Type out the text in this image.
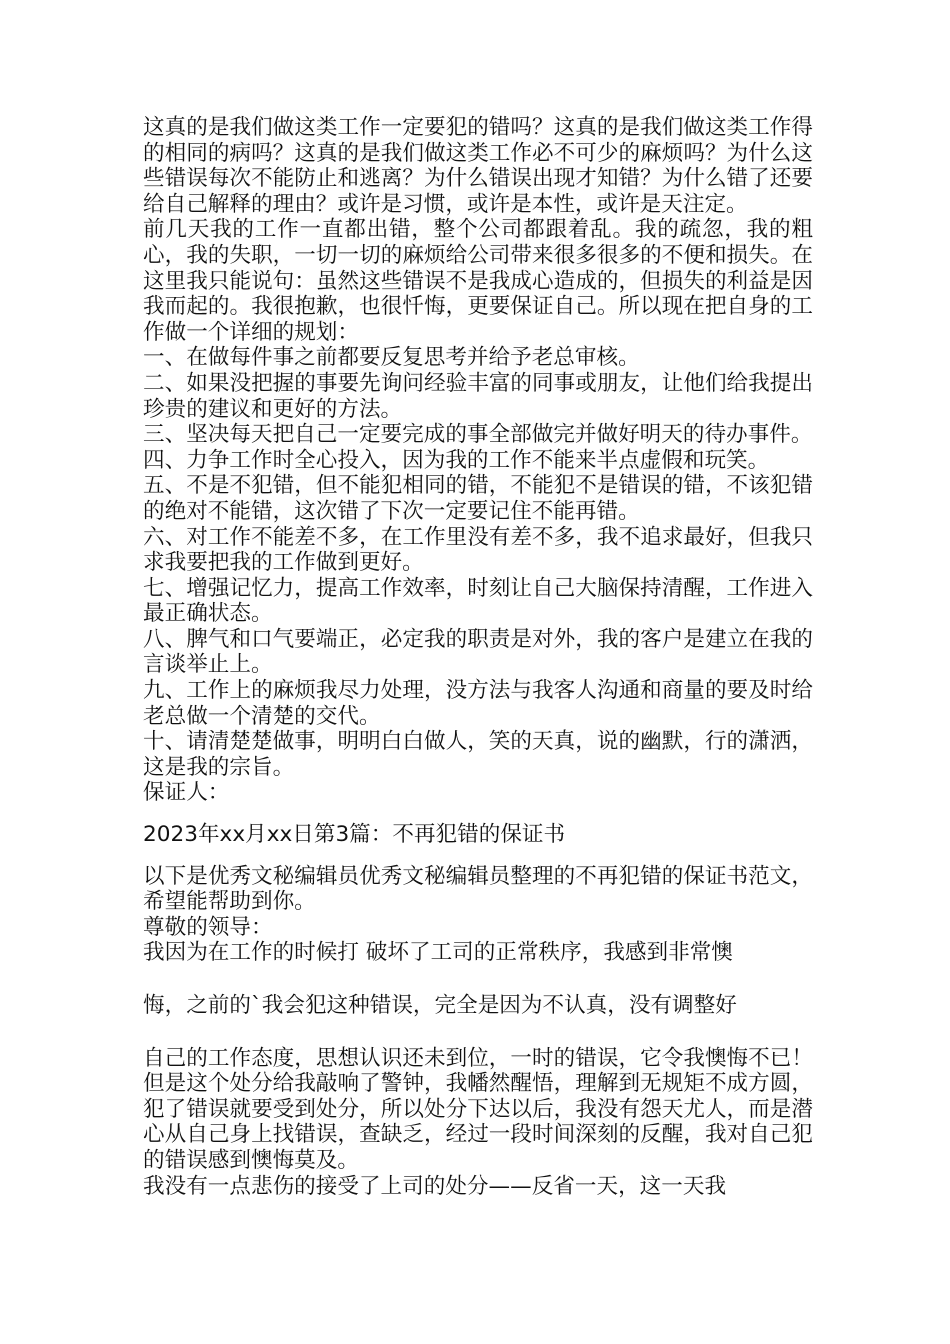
这真的是我们做这类工作一定要犯的错吗？这真的是我们做这类工作得的相同的病吗？这真的是我们做这类工作必不可少的麻烦吗？为什么这些错误每次不能防止和逃离？为什么错误出现才知错？为什么错了还要给自己解释的理由？或许是习惯，或许是本性，或许是天注定。

前几天我的工作一直都出错，整个公司都跟着乱。我的疏忽，我的粗心，我的失职，一切一切的麻烦给公司带来很多很多的不便和损失。在这里我只能说句：虽然这些错误不是我成心造成的，但损失的利益是因我而起的。我很抱歉，也很忏悔，更要保证自己。所以现在把自身的工作做一个详细的规划：

一、在做每件事之前都要反复思考并给予老总审核。

二、如果没把握的事要先询问经验丰富的同事或朋友，让他们给我提出珍贵的建议和更好的方法。

三、坚决每天把自己一定要完成的事全部做完并做好明天的待办事件。

四、力争工作时全心投入，因为我的工作不能来半点虚假和玩笑。

五、不是不犯错，但不能犯相同的错，不能犯不是错误的错，不该犯错的绝对不能错，这次错了下次一定要记住不能再错。

六、对工作不能差不多，在工作里没有差不多，我不追求最好，但我只求我要把我的工作做到更好。

七、增强记忆力，提高工作效率，时刻让自己大脑保持清醒，工作进入最正确状态。

八、脾气和口气要端正，必定我的职责是对外，我的客户是建立在我的言谈举止上。

九、工作上的麻烦我尽力处理，没方法与我客人沟通和商量的要及时给老总做一个清楚的交代。

十、请清楚楚做事，明明白白做人，笑的天真，说的幽默，行的潇洒，这是我的宗旨。

保证人：

2023年xx月xx日第3篇：不再犯错的保证书

以下是优秀文秘编辑员优秀文秘编辑员整理的不再犯错的保证书范文，希望能帮助到你。

尊敬的领导：

我因为在工作的时候打 破坏了工司的正常秩序，我感到非常懊

悔，之前的`我会犯这种错误，完全是因为不认真，没有调整好

自己的工作态度，思想认识还未到位，一时的错误，它令我懊悔不已！但是这个处分给我敲响了警钟，我幡然醒悟，理解到无规矩不成方圆，犯了错误就要受到处分，所以处分下达以后，我没有怨天尤人，而是潜心从自己身上找错误，查缺乏，经过一段时间深刻的反醒，我对自己犯的错误感到懊悔莫及。

我没有一点悲伤的接受了上司的处分——反省一天，这一天我
